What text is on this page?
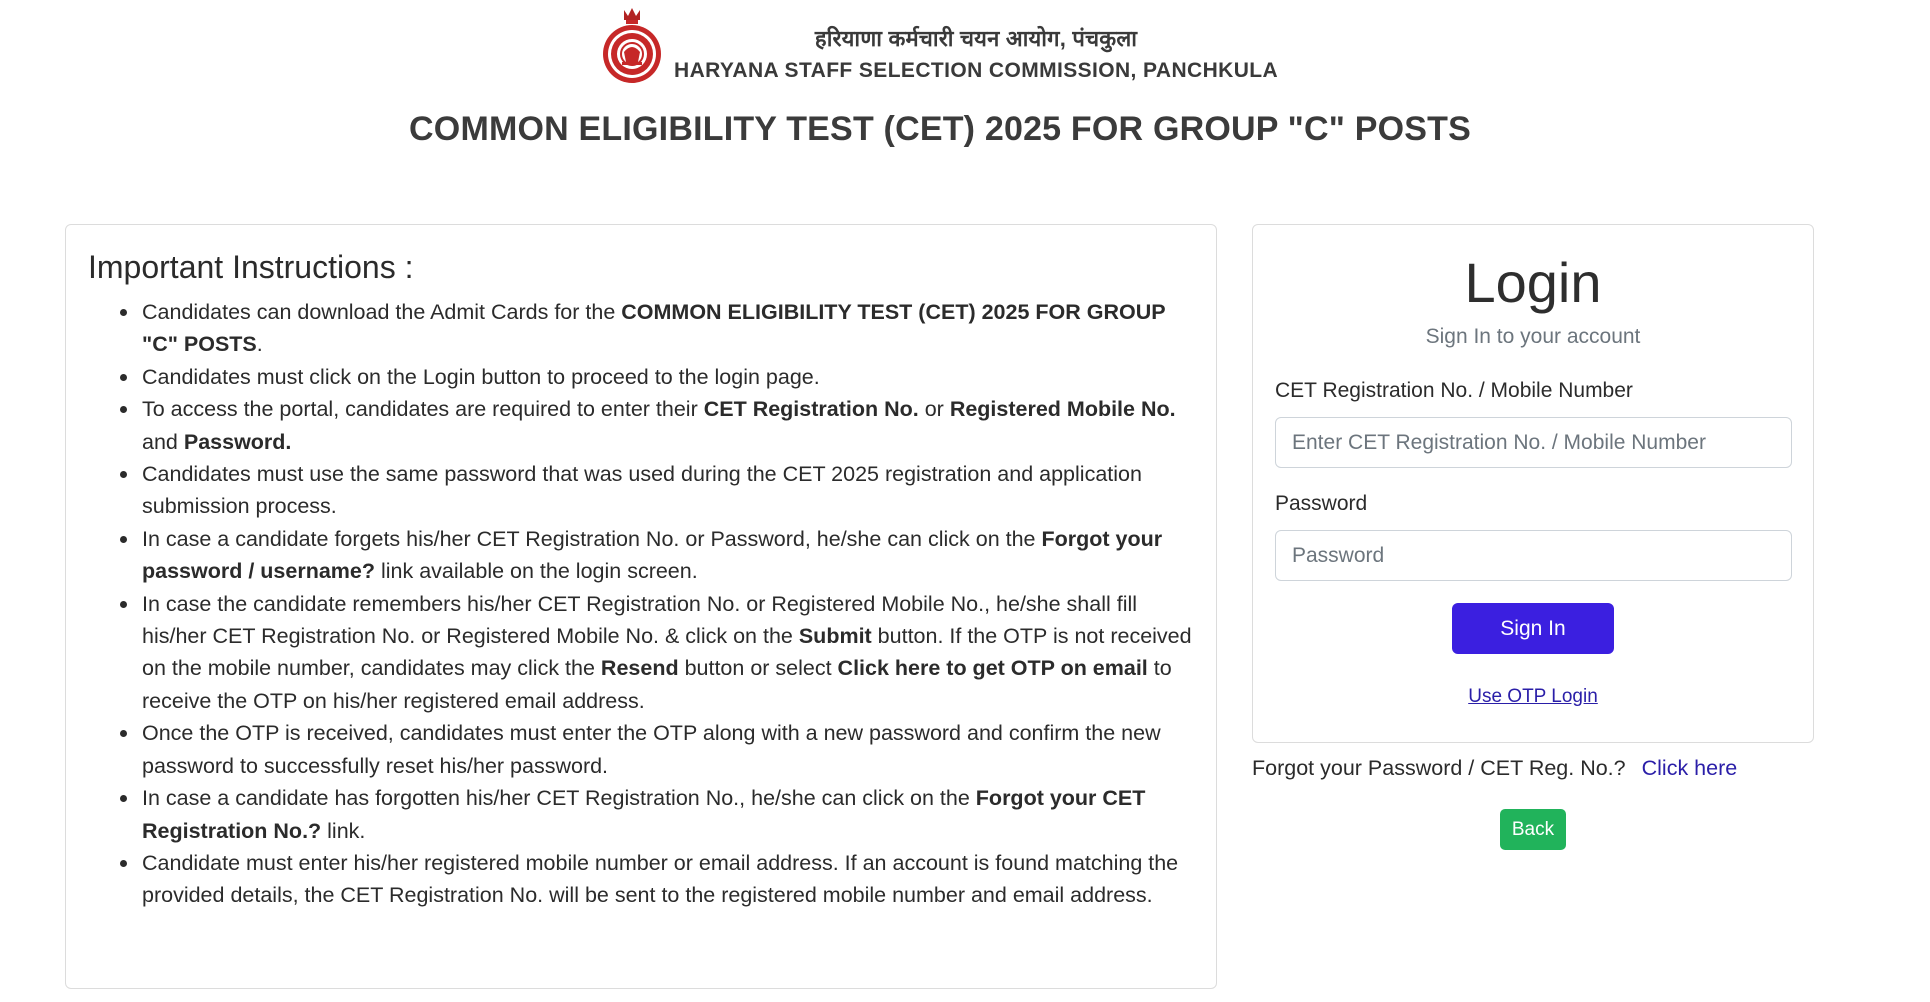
हरियाणा कर्मचारी चयन आयोग, पंचकुला
HARYANA STAFF SELECTION COMMISSION, PANCHKULA
COMMON ELIGIBILITY TEST (CET) 2025 FOR GROUP "C" POSTS
Important Instructions :
Candidates can download the Admit Cards for the COMMON ELIGIBILITY TEST (CET) 2025 FOR GROUP "C" POSTS.
Candidates must click on the Login button to proceed to the login page.
To access the portal, candidates are required to enter their CET Registration No. or Registered Mobile No. and Password.
Candidates must use the same password that was used during the CET 2025 registration and application submission process.
In case a candidate forgets his/her CET Registration No. or Password, he/she can click on the Forgot your password / username? link available on the login screen.
In case the candidate remembers his/her CET Registration No. or Registered Mobile No., he/she shall fill his/her CET Registration No. or Registered Mobile No. & click on the Submit button. If the OTP is not received on the mobile number, candidates may click the Resend button or select Click here to get OTP on email to receive the OTP on his/her registered email address.
Once the OTP is received, candidates must enter the OTP along with a new password and confirm the new password to successfully reset his/her password.
In case a candidate has forgotten his/her CET Registration No., he/she can click on the Forgot your CET Registration No.? link.
Candidate must enter his/her registered mobile number or email address. If an account is found matching the provided details, the CET Registration No. will be sent to the registered mobile number and email address.
Login
Sign In to your account
CET Registration No. / Mobile Number
Enter CET Registration No. / Mobile Number
Password
Sign In
Use OTP Login
Forgot your Password / CET Reg. No.? Click here
Back
